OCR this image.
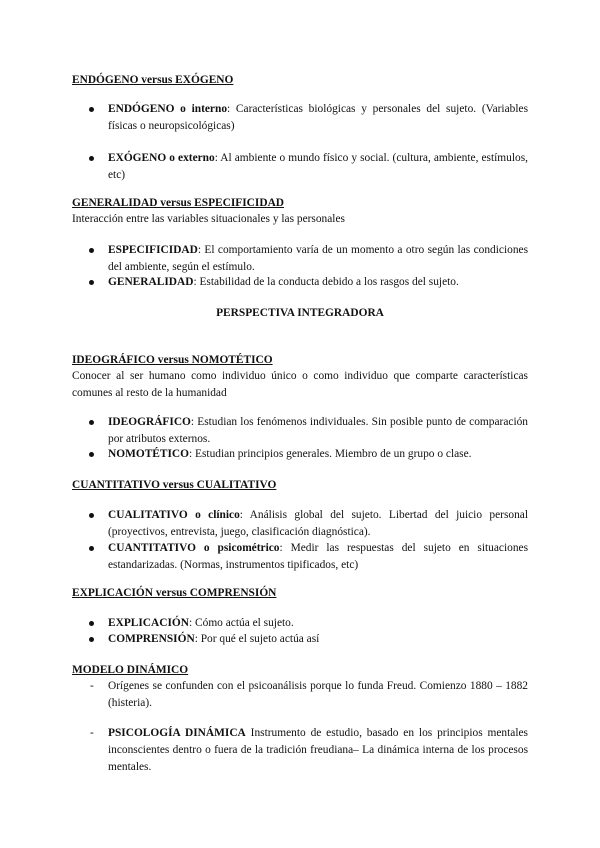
ENDÓGENO versus EXÓGENO
ENDÓGENO o interno: Características biológicas y personales del sujeto. (Variables físicas o neuropsicológicas)
EXÓGENO o externo: Al ambiente o mundo físico y social. (cultura, ambiente, estímulos, etc)
GENERALIDAD versus ESPECIFICIDAD
Interacción entre las variables situacionales y las personales
ESPECIFICIDAD: El comportamiento varía de un momento a otro según las condiciones del ambiente, según el estímulo.
GENERALIDAD: Estabilidad de la conducta debido a los rasgos del sujeto.
PERSPECTIVA INTEGRADORA
IDEOGRÁFICO versus NOMOTÉTICO
Conocer al ser humano como individuo único o como individuo que comparte características comunes al resto de la humanidad
IDEOGRÁFICO: Estudian los fenómenos individuales. Sin posible punto de comparación por atributos externos.
NOMOTÉTICO: Estudian principios generales. Miembro de un grupo o clase.
CUANTITATIVO versus CUALITATIVO
CUALITATIVO o clínico: Análisis global del sujeto. Libertad del juicio personal (proyectivos, entrevista, juego, clasificación diagnóstica).
CUANTITATIVO o psicométrico: Medir las respuestas del sujeto en situaciones estandarizadas. (Normas, instrumentos tipificados, etc)
EXPLICACIÓN versus COMPRENSIÓN
EXPLICACIÓN: Cómo actúa el sujeto.
COMPRENSIÓN: Por qué el sujeto actúa así
MODELO DINÁMICO
- Orígenes se confunden con el psicoanálisis porque lo funda Freud. Comienzo 1880 – 1882 (histeria).
- PSICOLOGÍA DINÁMICA Instrumento de estudio, basado en los principios mentales inconscientes dentro o fuera de la tradición freudiana– La dinámica interna de los procesos mentales.
